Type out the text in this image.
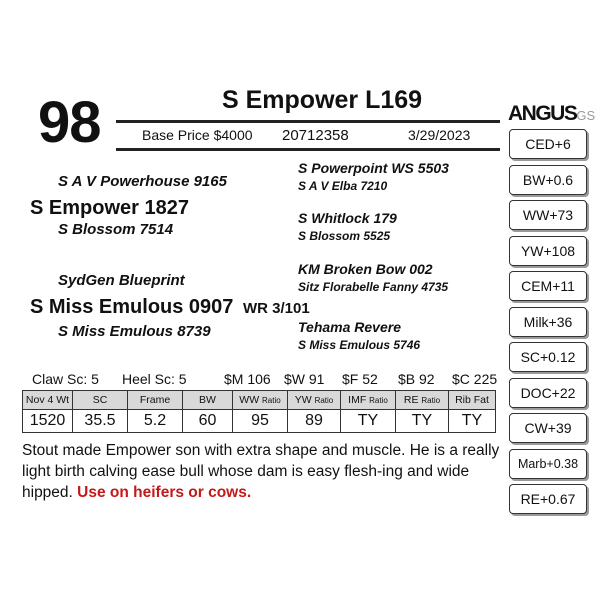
98	S Empower L169
Base Price $4000 20712358	3/29/2023
S A V Powerhouse 9165
S Empower 1827
S Blossom 7514
SydGen Blueprint
S Miss Emulous 0907 WR 3/101
S Miss Emulous 8739
S Powerpoint WS 5503
S A V Elba 7210
S Whitlock 179
S Blossom 5525
KM Broken Bow 002
Sitz Florabelle Fanny 4735
Tehama Revere
S Miss Emulous 5746
ANGUSGS
CED+6
BW+0.6
WW+73
YW+108
CEM+11
Milk+36
SC+0.12
DOC+22
CW+39
Marb+0.38
RE+0.67
Claw Sc: 5 Heel Sc: 5	$M 106 $W 91 $F 52 $B 92 $C 225
Nov 4 Wt	SC	Frame	BW	WW Ratio	YW Ratio	IMF Ratio	RE Ratio	Rib Fat
1520	35.5	5.2	60	95	89	TY	TY	TY
Stout made Empower son with extra shape and muscle. He is a really light birth calving ease bull whose dam is easy flesh-ing and wide hipped. Use on heifers or cows.
